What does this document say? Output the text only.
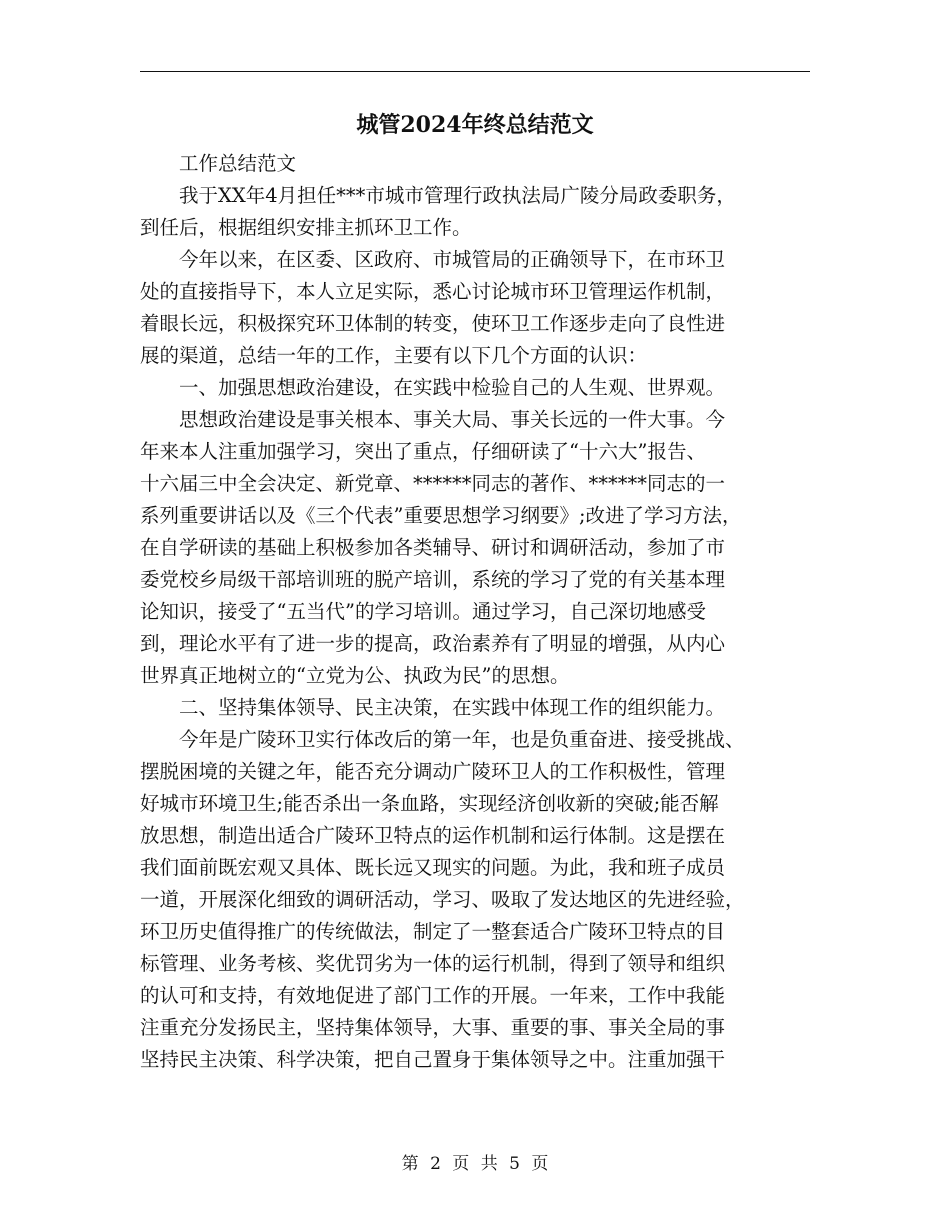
城管2024年终总结范文
工作总结范文
我于XX年4月担任***市城市管理行政执法局广陵分局政委职务，
到任后，根据组织安排主抓环卫工作。
今年以来，在区委、区政府、市城管局的正确领导下，在市环卫
处的直接指导下，本人立足实际，悉心讨论城市环卫管理运作机制，
着眼长远，积极探究环卫体制的转变，使环卫工作逐步走向了良性进
展的渠道，总结一年的工作，主要有以下几个方面的认识：
一、加强思想政治建设，在实践中检验自己的人生观、世界观。
思想政治建设是事关根本、事关大局、事关长远的一件大事。今
年来本人注重加强学习，突出了重点，仔细研读了“十六大”报告、
十六届三中全会决定、新党章、******同志的著作、******同志的一
系列重要讲话以及《三个代表”重要思想学习纲要》;改进了学习方法，
在自学研读的基础上积极参加各类辅导、研讨和调研活动，参加了市
委党校乡局级干部培训班的脱产培训，系统的学习了党的有关基本理
论知识，接受了“五当代”的学习培训。通过学习，自己深切地感受
到，理论水平有了进一步的提高，政治素养有了明显的增强，从内心
世界真正地树立的“立党为公、执政为民”的思想。
二、坚持集体领导、民主决策，在实践中体现工作的组织能力。
今年是广陵环卫实行体改后的第一年，也是负重奋进、接受挑战、
摆脱困境的关键之年，能否充分调动广陵环卫人的工作积极性，管理
好城市环境卫生;能否杀出一条血路，实现经济创收新的突破;能否解
放思想，制造出适合广陵环卫特点的运作机制和运行体制。这是摆在
我们面前既宏观又具体、既长远又现实的问题。为此，我和班子成员
一道，开展深化细致的调研活动，学习、吸取了发达地区的先进经验，
环卫历史值得推广的传统做法，制定了一整套适合广陵环卫特点的目
标管理、业务考核、奖优罚劣为一体的运行机制，得到了领导和组织
的认可和支持，有效地促进了部门工作的开展。一年来，工作中我能
注重充分发扬民主，坚持集体领导，大事、重要的事、事关全局的事
坚持民主决策、科学决策，把自己置身于集体领导之中。注重加强干
第 2 页 共 5 页
